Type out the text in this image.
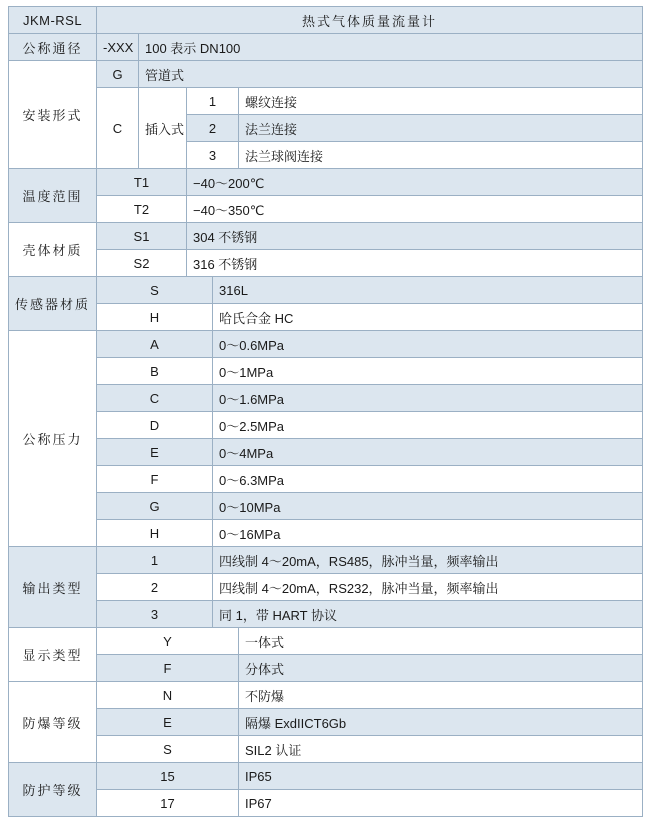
JKM-RSL	热式气体质量流量计				
公称通径	-XXX	100 表示 DN100			
安装形式	G	管道式			
	C	插入式	1		螺纹连接
			2		法兰连接
			3		法兰球阀连接
温度范围	T1		−40～200℃		
	T2		−40～350℃		
壳体材质	S1		304 不锈钢		
	S2		316 不锈钢		
传感器材质	S			316L	
	H			哈氏合金 HC	
公称压力	A			0～0.6MPa	
	B			0～1MPa	
	C			0～1.6MPa	
	D			0～2.5MPa	
	E			0～4MPa	
	F			0～6.3MPa	
	G			0～10MPa	
	H			0～16MPa	
输出类型	1			四线制 4～20mA，RS485，脉冲当量，频率输出	
	2			四线制 4～20mA，RS232，脉冲当量，频率输出	
	3			同 1，带 HART 协议	
显示类型	Y				一体式
	F				分体式
防爆等级	N				不防爆
	E				隔爆 ExdIICT6Gb
	S				SIL2 认证
防护等级	15				IP65
	17				IP67
